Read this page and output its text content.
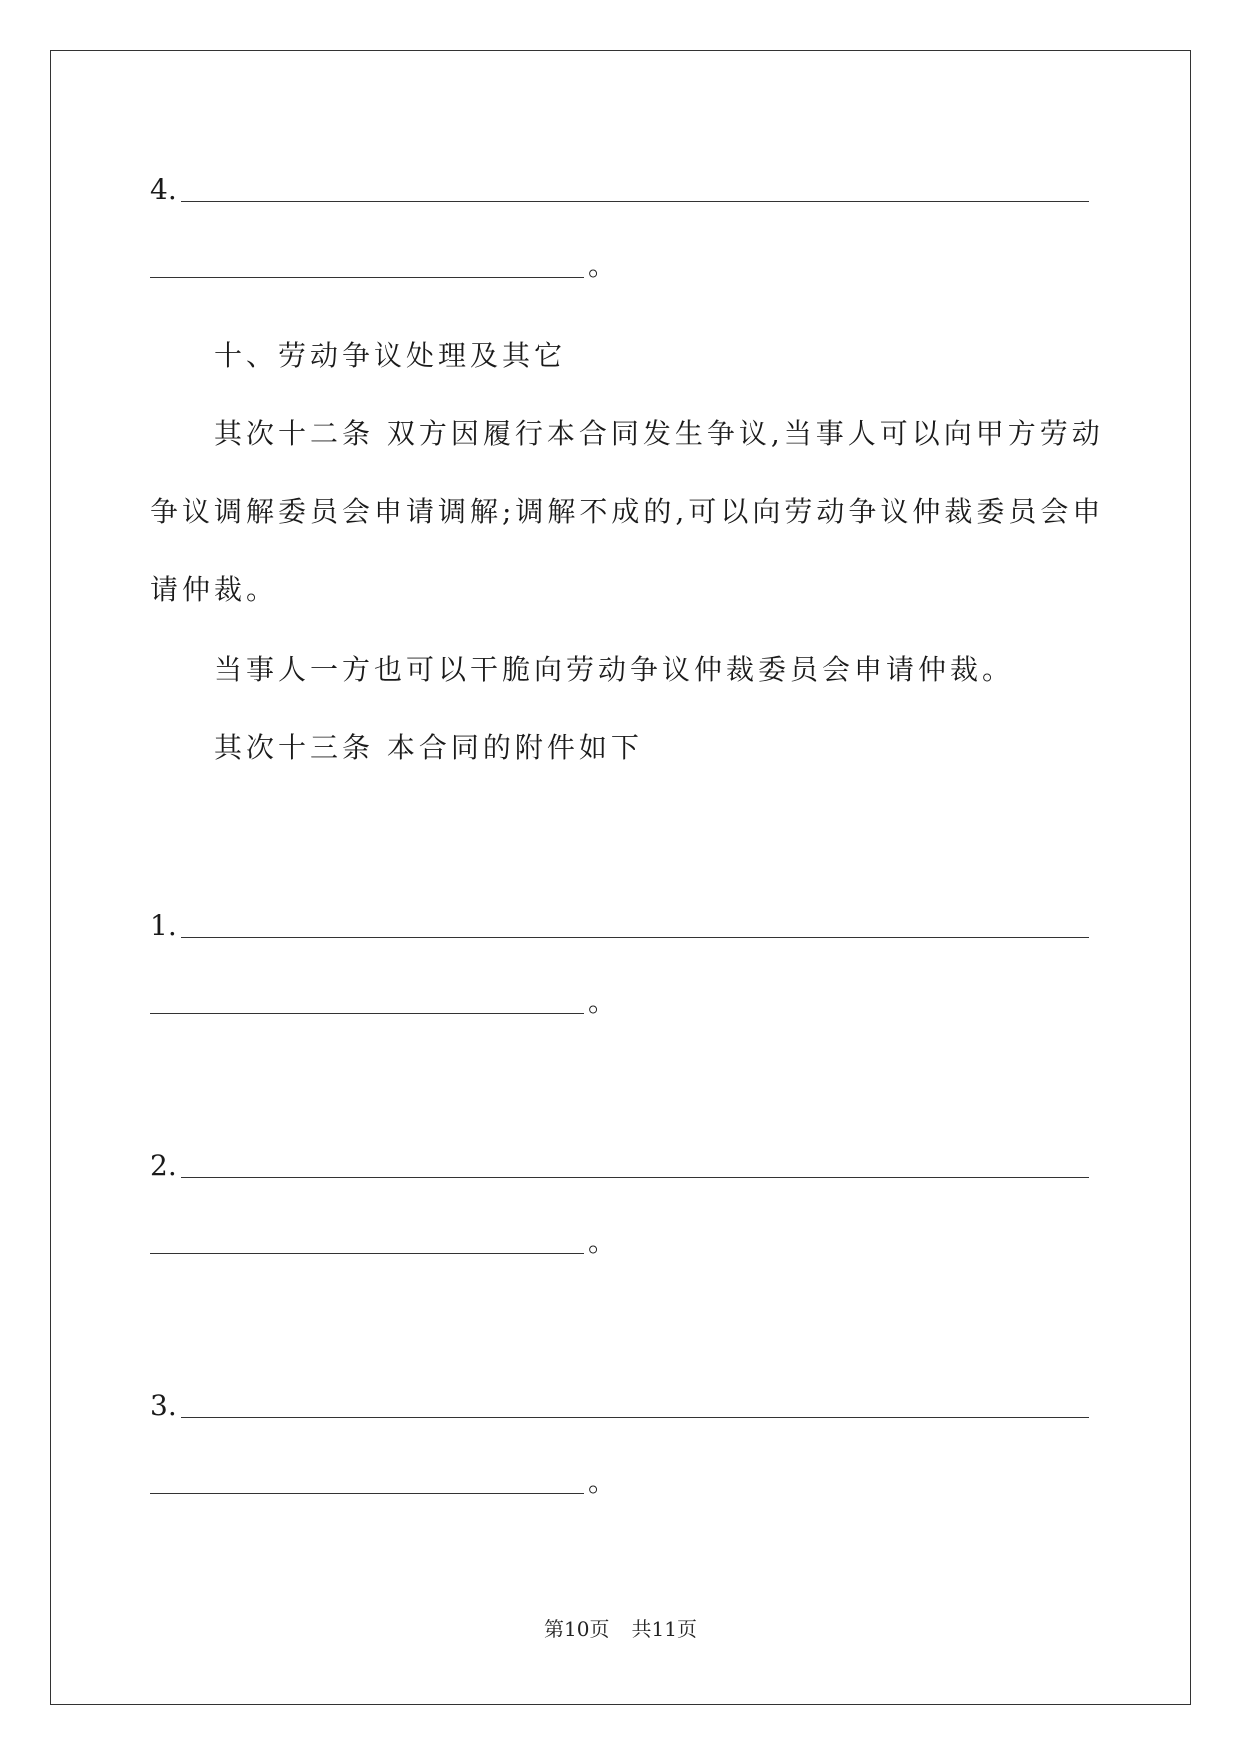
4.
。
十、劳动争议处理及其它
其次十二条 双方因履行本合同发生争议,当事人可以向甲方劳动
争议调解委员会申请调解;调解不成的,可以向劳动争议仲裁委员会申
请仲裁。
当事人一方也可以干脆向劳动争议仲裁委员会申请仲裁。
其次十三条 本合同的附件如下
1.
。
2.
。
3.
。
第10页 共11页
